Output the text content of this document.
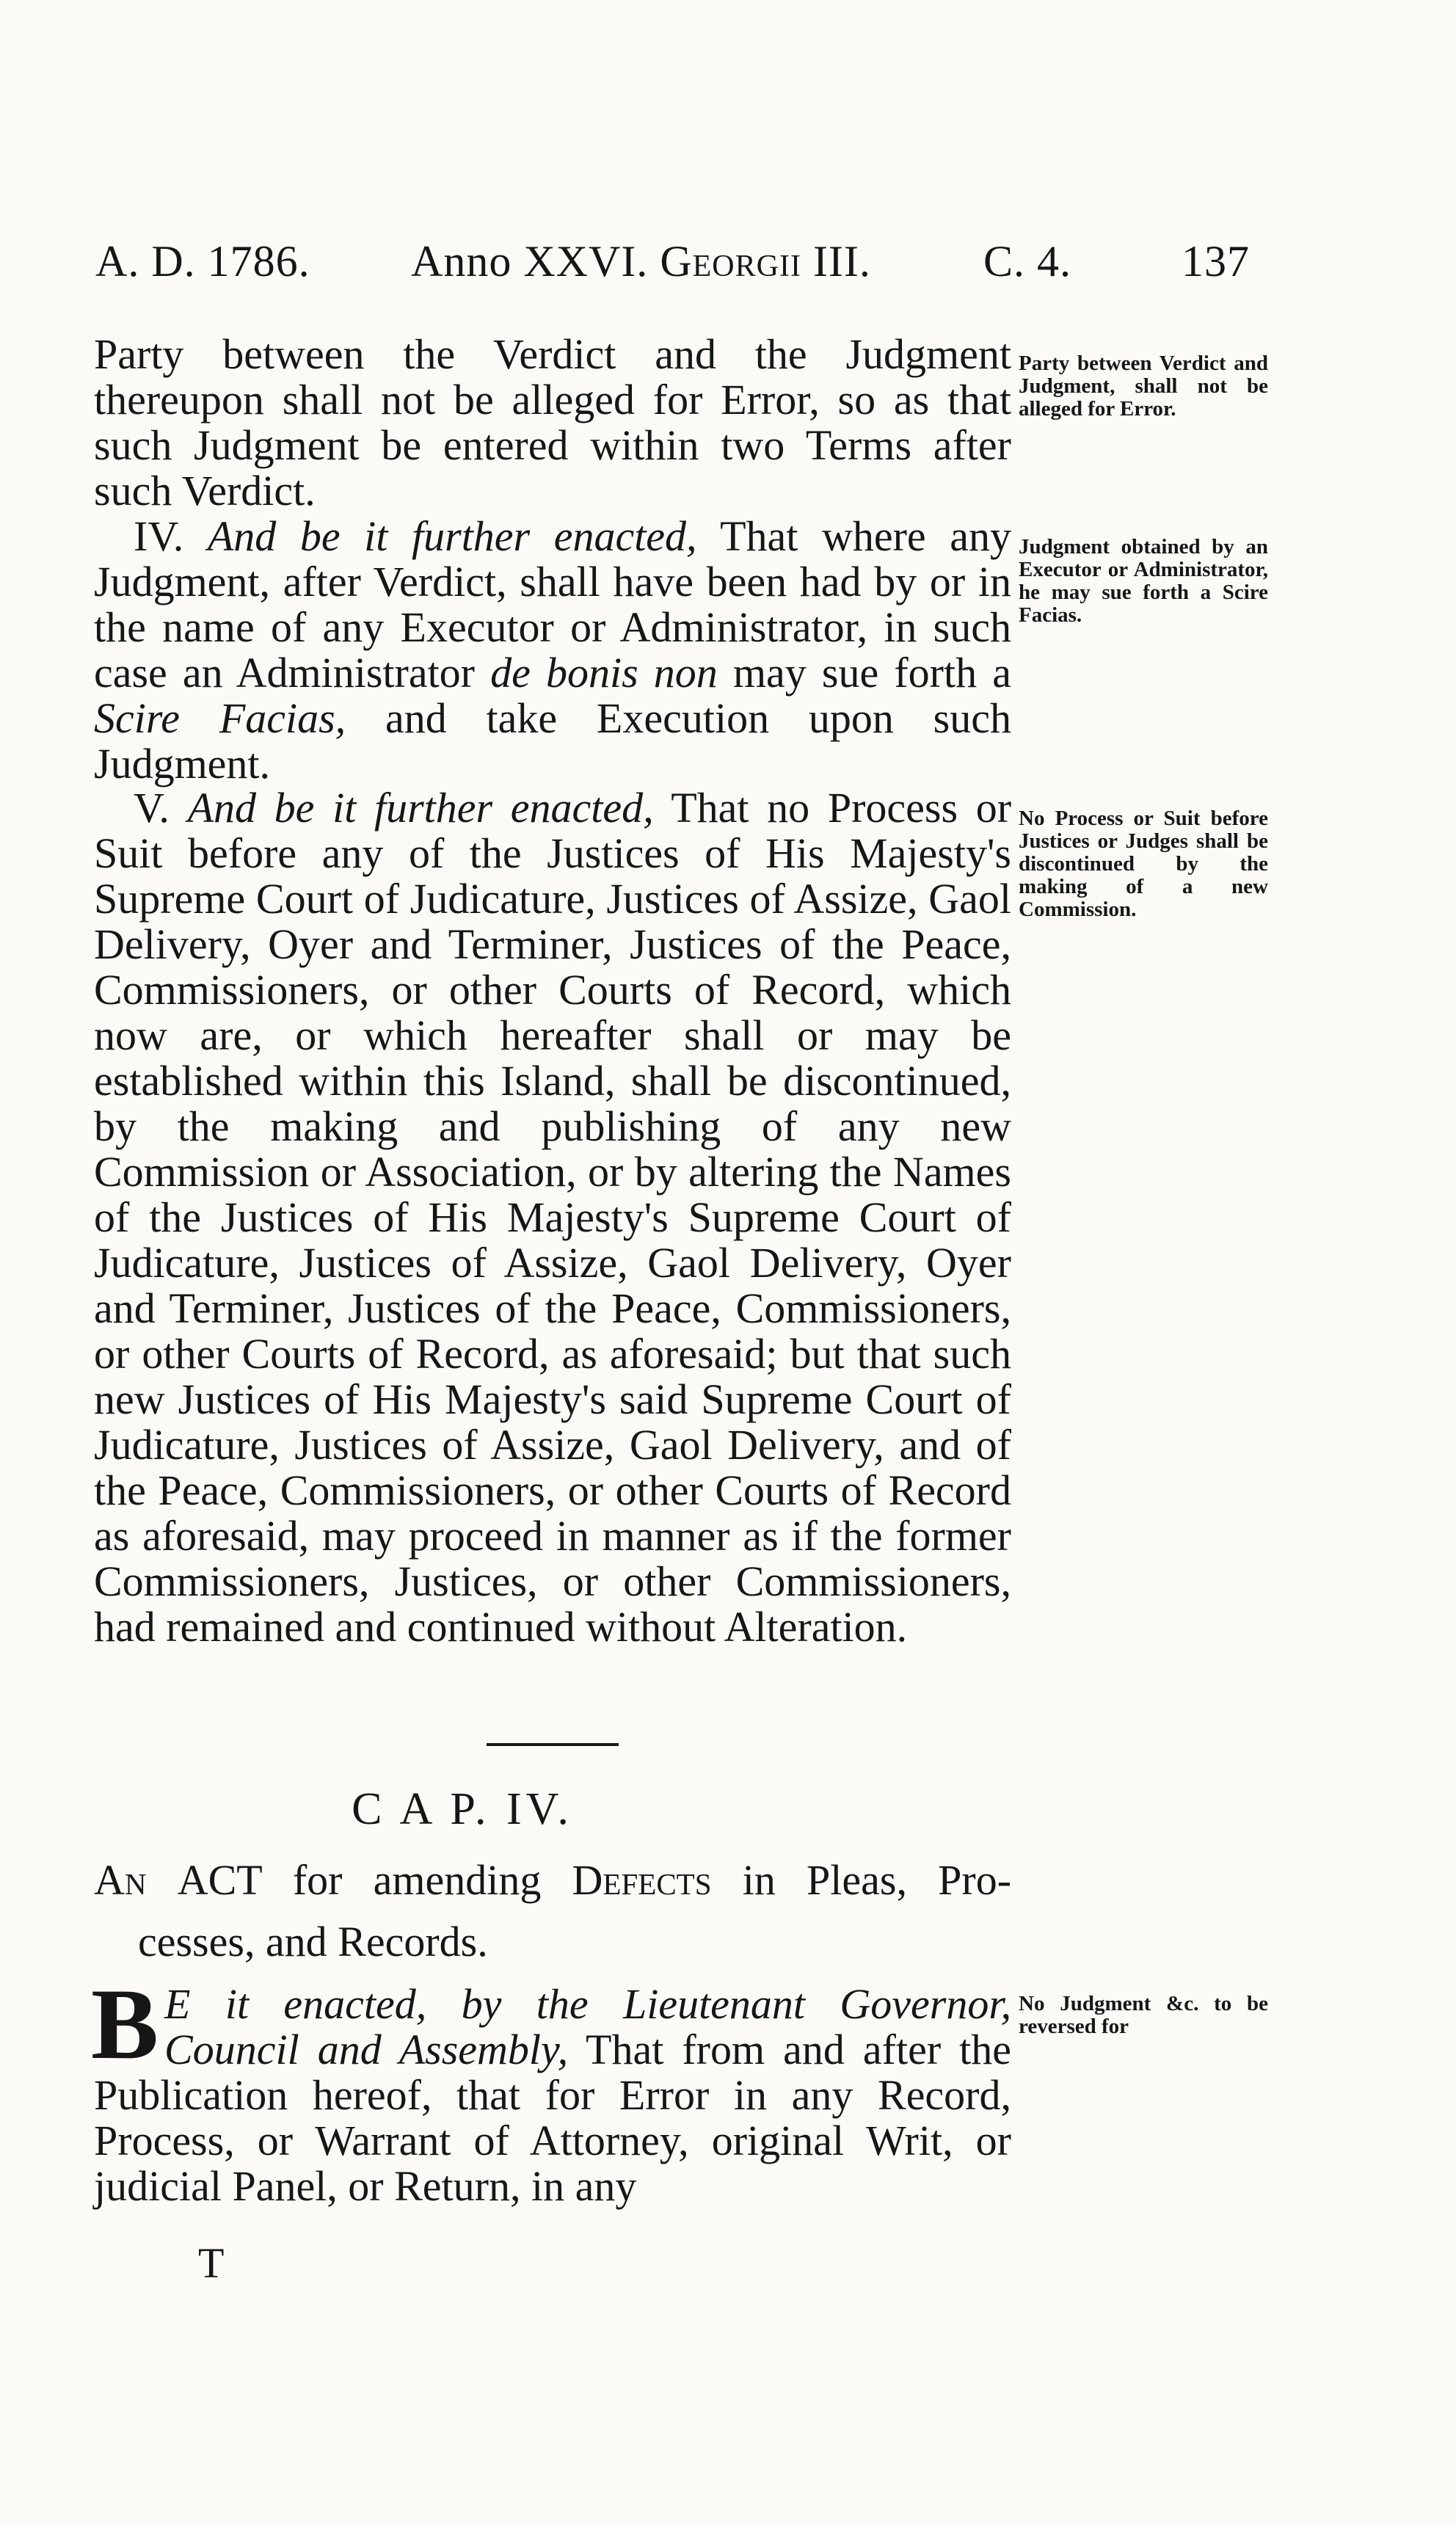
A. D. 1786. Anno XXVI. Georgii III.	C. 4. 137

Party between the Verdict and the Judgment thereupon shall not be alleged for Error, so as that such Judgment be entered within two Terms after such Verdict.

IV. And be it further enacted, That where any Judgment, after Verdict, shall have been had by or in the name of any Executor or Administrator, in such case an Administrator de bonis non may sue forth a Scire Facias, and take Execution upon such Judgment.

V. And be it further enacted, That no Process or Suit before any of the Justices of His Majesty's Supreme Court of Judicature, Justices of Assize, Gaol Delivery, Oyer and Terminer, Justices of the Peace, Commissioners, or other Courts of Record, which now are, or which hereafter shall or may be established within this Island, shall be discontinued, by the making and publishing of any new Commission or Association, or by altering the Names of the Justices of His Majesty's Supreme Court of Judicature, Justices of Assize, Gaol Delivery, Oyer and Terminer, Justices of the Peace, Commissioners, or other Courts of Record, as aforesaid; but that such new Justices of His Majesty's said Supreme Court of Judicature, Justices of Assize, Gaol Delivery, and of the Peace, Commissioners, or other Courts of Record as aforesaid, may proceed in manner as if the former Commissioners, Justices, or other Commissioners, had remained and continued without Alteration.

Party between Verdict and Judgment, shall not be alleged for Error.
Judgment obtained by an Executor or Administrator, he may sue forth a Scire Facias.
No Process or Suit before Justices or Judges shall be discontinued by the making of a new Commission.
No Judgment &c. to be reversed for
C A P. IV.
An ACT for amending Defects in Pleas, Pro-
cesses, and Records.
B E it enacted, by the Lieutenant Governor, Council and Assembly, That from and after the Publication hereof, that for Error in any Record, Process, or Warrant of Attorney, original Writ, or judicial Panel, or Return, in any
T
